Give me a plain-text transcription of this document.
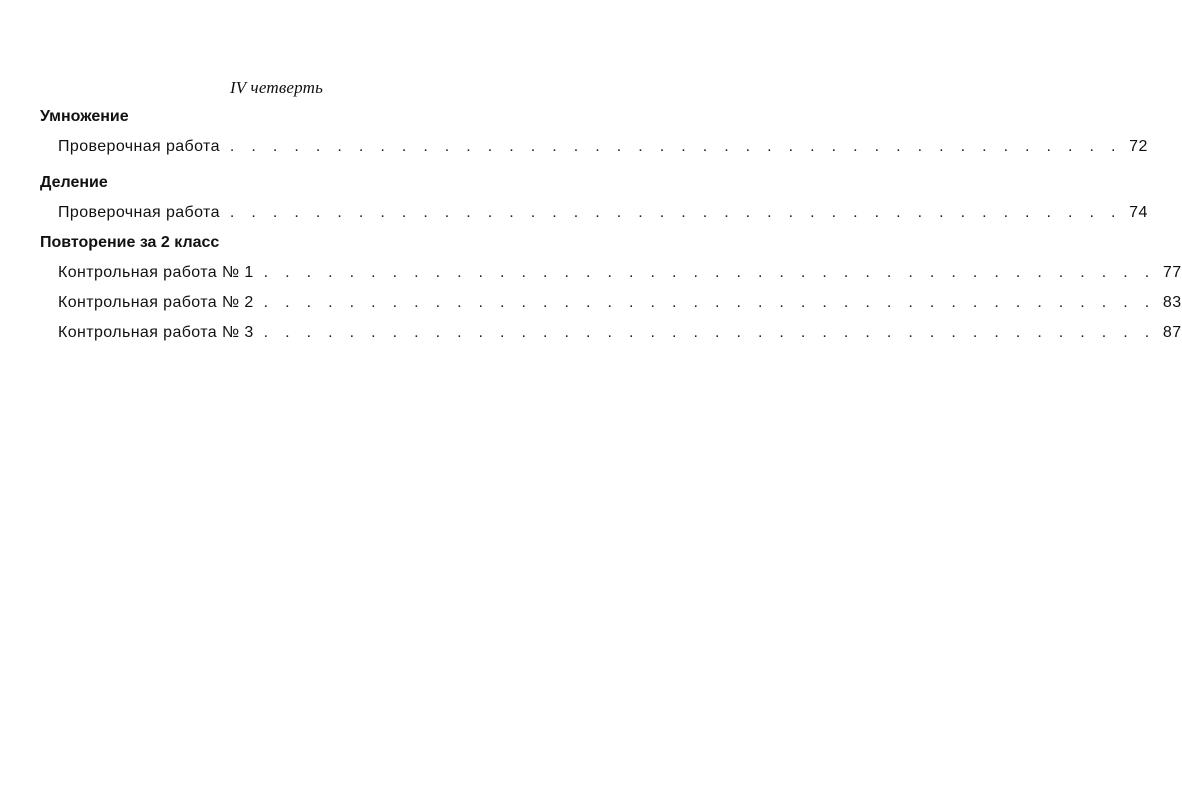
IV четверть
Умножение
Проверочная работа . . . . . . . . . . . . . . . . . . . . . . . . . . . . . . . . . . . . . . . . . . 72
Деление
Проверочная работа . . . . . . . . . . . . . . . . . . . . . . . . . . . . . . . . . . . . . . . . . . 74
Повторение за 2 класс
Контрольная работа № 1 . . . . . . . . . . . . . . . . . . . . . . . . . . . . . . . . . . . . . . . . . . 77
Контрольная работа № 2 . . . . . . . . . . . . . . . . . . . . . . . . . . . . . . . . . . . . . . . . . . 83
Контрольная работа № 3 . . . . . . . . . . . . . . . . . . . . . . . . . . . . . . . . . . . . . . . . . . 87
